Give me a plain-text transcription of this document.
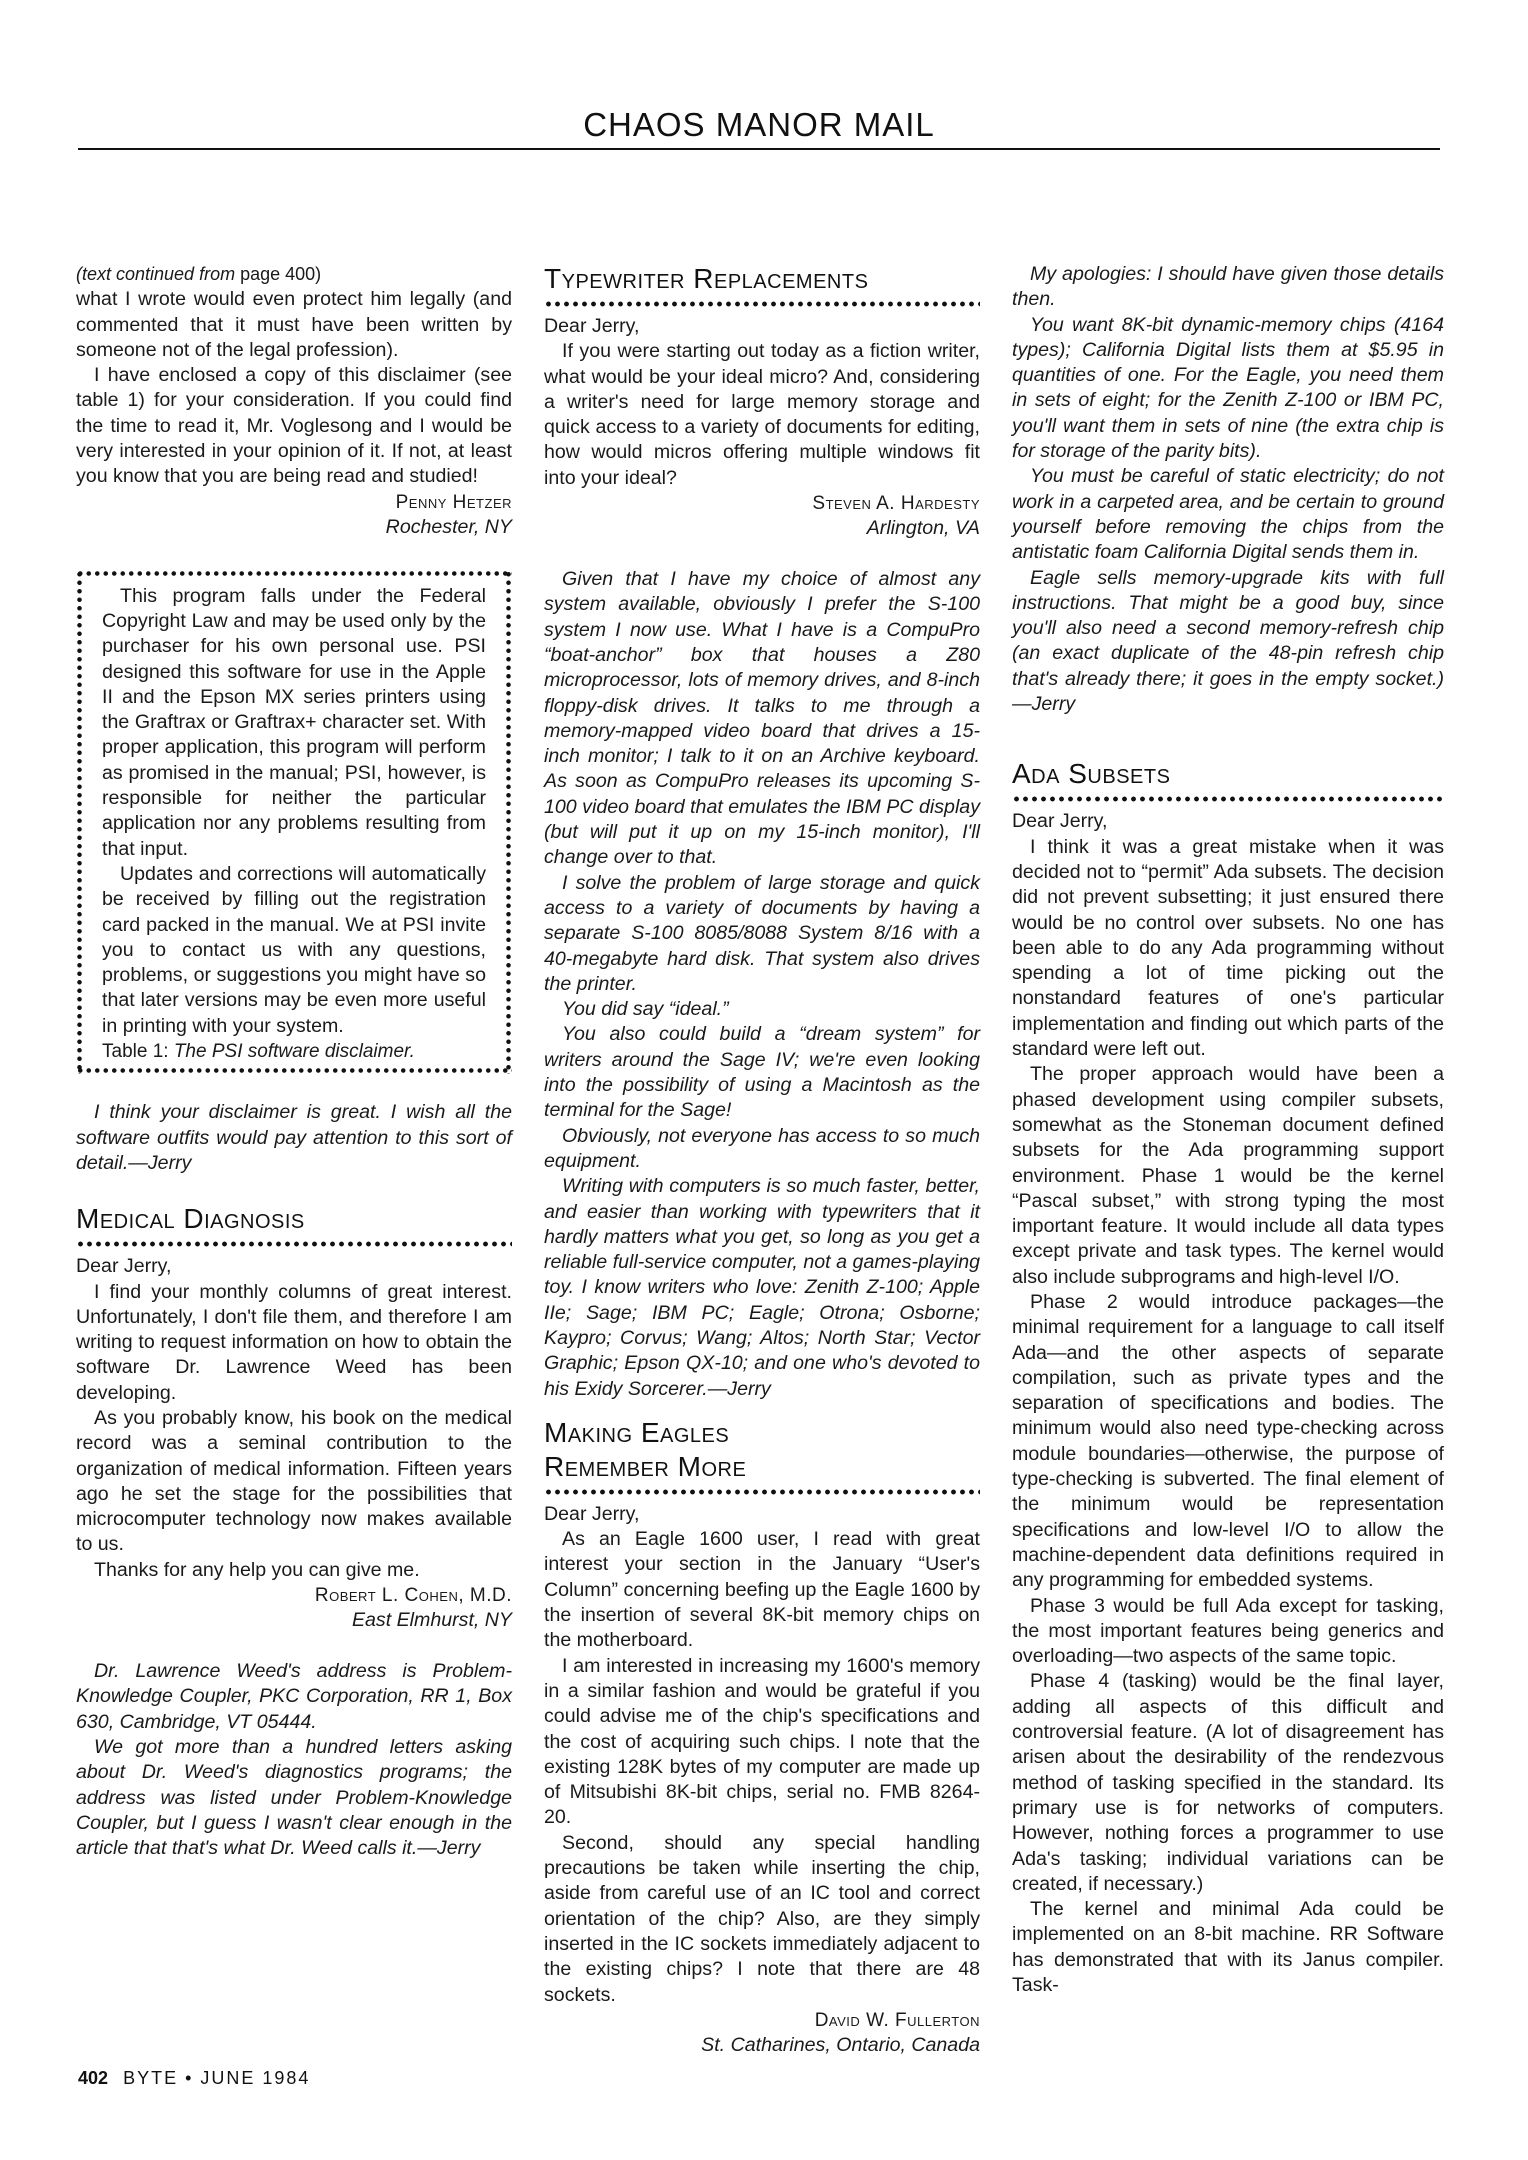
CHAOS MANOR MAIL
(text continued from page 400)

what I wrote would even protect him legally (and commented that it must have been written by someone not of the legal profession).

I have enclosed a copy of this disclaimer (see table 1) for your consideration. If you could find the time to read it, Mr. Voglesong and I would be very interested in your opinion of it. If not, at least you know that you are being read and studied!

Penny Hetzer
Rochester, NY

This program falls under the Federal Copyright Law and may be used only by the purchaser for his own personal use. PSI designed this software for use in the Apple II and the Epson MX series printers using the Graftrax or Graftrax+ character set. With proper application, this program will perform as promised in the manual; PSI, however, is responsible for neither the particular application nor any problems resulting from that input.

Updates and corrections will automatically be received by filling out the registration card packed in the manual. We at PSI invite you to contact us with any questions, problems, or suggestions you might have so that later versions may be even more useful in printing with your system.

Table 1: The PSI software disclaimer.

I think your disclaimer is great. I wish all the software outfits would pay attention to this sort of detail.—Jerry

Medical Diagnosis

Dear Jerry,

I find your monthly columns of great interest. Unfortunately, I don't file them, and therefore I am writing to request information on how to obtain the software Dr. Lawrence Weed has been developing.

As you probably know, his book on the medical record was a seminal contribution to the organization of medical information. Fifteen years ago he set the stage for the possibilities that microcomputer technology now makes available to us.

Thanks for any help you can give me.

Robert L. Cohen, M.D.
East Elmhurst, NY

Dr. Lawrence Weed's address is Problem-Knowledge Coupler, PKC Corporation, RR 1, Box 630, Cambridge, VT 05444.

We got more than a hundred letters asking about Dr. Weed's diagnostics programs; the address was listed under Problem-Knowledge Coupler, but I guess I wasn't clear enough in the article that that's what Dr. Weed calls it.—Jerry

Typewriter Replacements

Dear Jerry,

If you were starting out today as a fiction writer, what would be your ideal micro? And, considering a writer's need for large memory storage and quick access to a variety of documents for editing, how would micros offering multiple windows fit into your ideal?

Steven A. Hardesty
Arlington, VA

Given that I have my choice of almost any system available, obviously I prefer the S-100 system I now use. What I have is a CompuPro “boat-anchor” box that houses a Z80 microprocessor, lots of memory drives, and 8-inch floppy-disk drives. It talks to me through a memory-mapped video board that drives a 15-inch monitor; I talk to it on an Archive keyboard. As soon as CompuPro releases its upcoming S-100 video board that emulates the IBM PC display (but will put it up on my 15-inch monitor), I'll change over to that.

I solve the problem of large storage and quick access to a variety of documents by having a separate S-100 8085/8088 System 8/16 with a 40-megabyte hard disk. That system also drives the printer.

You did say “ideal.”

You also could build a “dream system” for writers around the Sage IV; we're even looking into the possibility of using a Macintosh as the terminal for the Sage!

Obviously, not everyone has access to so much equipment.

Writing with computers is so much faster, better, and easier than working with typewriters that it hardly matters what you get, so long as you get a reliable full-service computer, not a games-playing toy. I know writers who love: Zenith Z-100; Apple IIe; Sage; IBM PC; Eagle; Otrona; Osborne; Kaypro; Corvus; Wang; Altos; North Star; Vector Graphic; Epson QX-10; and one who's devoted to his Exidy Sorcerer.—Jerry

Making Eagles
Remember More

Dear Jerry,

As an Eagle 1600 user, I read with great interest your section in the January “User's Column” concerning beefing up the Eagle 1600 by the insertion of several 8K-bit memory chips on the motherboard.

I am interested in increasing my 1600's memory in a similar fashion and would be grateful if you could advise me of the chip's specifications and the cost of acquiring such chips. I note that the existing 128K bytes of my computer are made up of Mitsubishi 8K-bit chips, serial no. FMB 8264-20.

Second, should any special handling precautions be taken while inserting the chip, aside from careful use of an IC tool and correct orientation of the chip? Also, are they simply inserted in the IC sockets immediately adjacent to the existing chips? I note that there are 48 sockets.

David W. Fullerton
St. Catharines, Ontario, Canada

My apologies: I should have given those details then.

You want 8K-bit dynamic-memory chips (4164 types); California Digital lists them at $5.95 in quantities of one. For the Eagle, you need them in sets of eight; for the Zenith Z-100 or IBM PC, you'll want them in sets of nine (the extra chip is for storage of the parity bits).

You must be careful of static electricity; do not work in a carpeted area, and be certain to ground yourself before removing the chips from the antistatic foam California Digital sends them in.

Eagle sells memory-upgrade kits with full instructions. That might be a good buy, since you'll also need a second memory-refresh chip (an exact duplicate of the 48-pin refresh chip that's already there; it goes in the empty socket.)—Jerry

Ada Subsets

Dear Jerry,

I think it was a great mistake when it was decided not to “permit” Ada subsets. The decision did not prevent subsetting; it just ensured there would be no control over subsets. No one has been able to do any Ada programming without spending a lot of time picking out the nonstandard features of one's particular implementation and finding out which parts of the standard were left out.

The proper approach would have been a phased development using compiler subsets, somewhat as the Stoneman document defined subsets for the Ada programming support environment. Phase 1 would be the kernel “Pascal subset,” with strong typing the most important feature. It would include all data types except private and task types. The kernel would also include subprograms and high-level I/O.

Phase 2 would introduce packages—the minimal requirement for a language to call itself Ada—and the other aspects of separate compilation, such as private types and the separation of specifications and bodies. The minimum would also need type-checking across module boundaries—otherwise, the purpose of type-checking is subverted. The final element of the minimum would be representation specifications and low-level I/O to allow the machine-dependent data definitions required in any programming for embedded systems.

Phase 3 would be full Ada except for tasking, the most important features being generics and overloading—two aspects of the same topic.

Phase 4 (tasking) would be the final layer, adding all aspects of this difficult and controversial feature. (A lot of disagreement has arisen about the desirability of the rendezvous method of tasking specified in the standard. Its primary use is for networks of computers. However, nothing forces a programmer to use Ada's tasking; individual variations can be created, if necessary.)

The kernel and minimal Ada could be implemented on an 8-bit machine. RR Software has demonstrated that with its Janus compiler. Task-

402 BYTE • JUNE 1984
